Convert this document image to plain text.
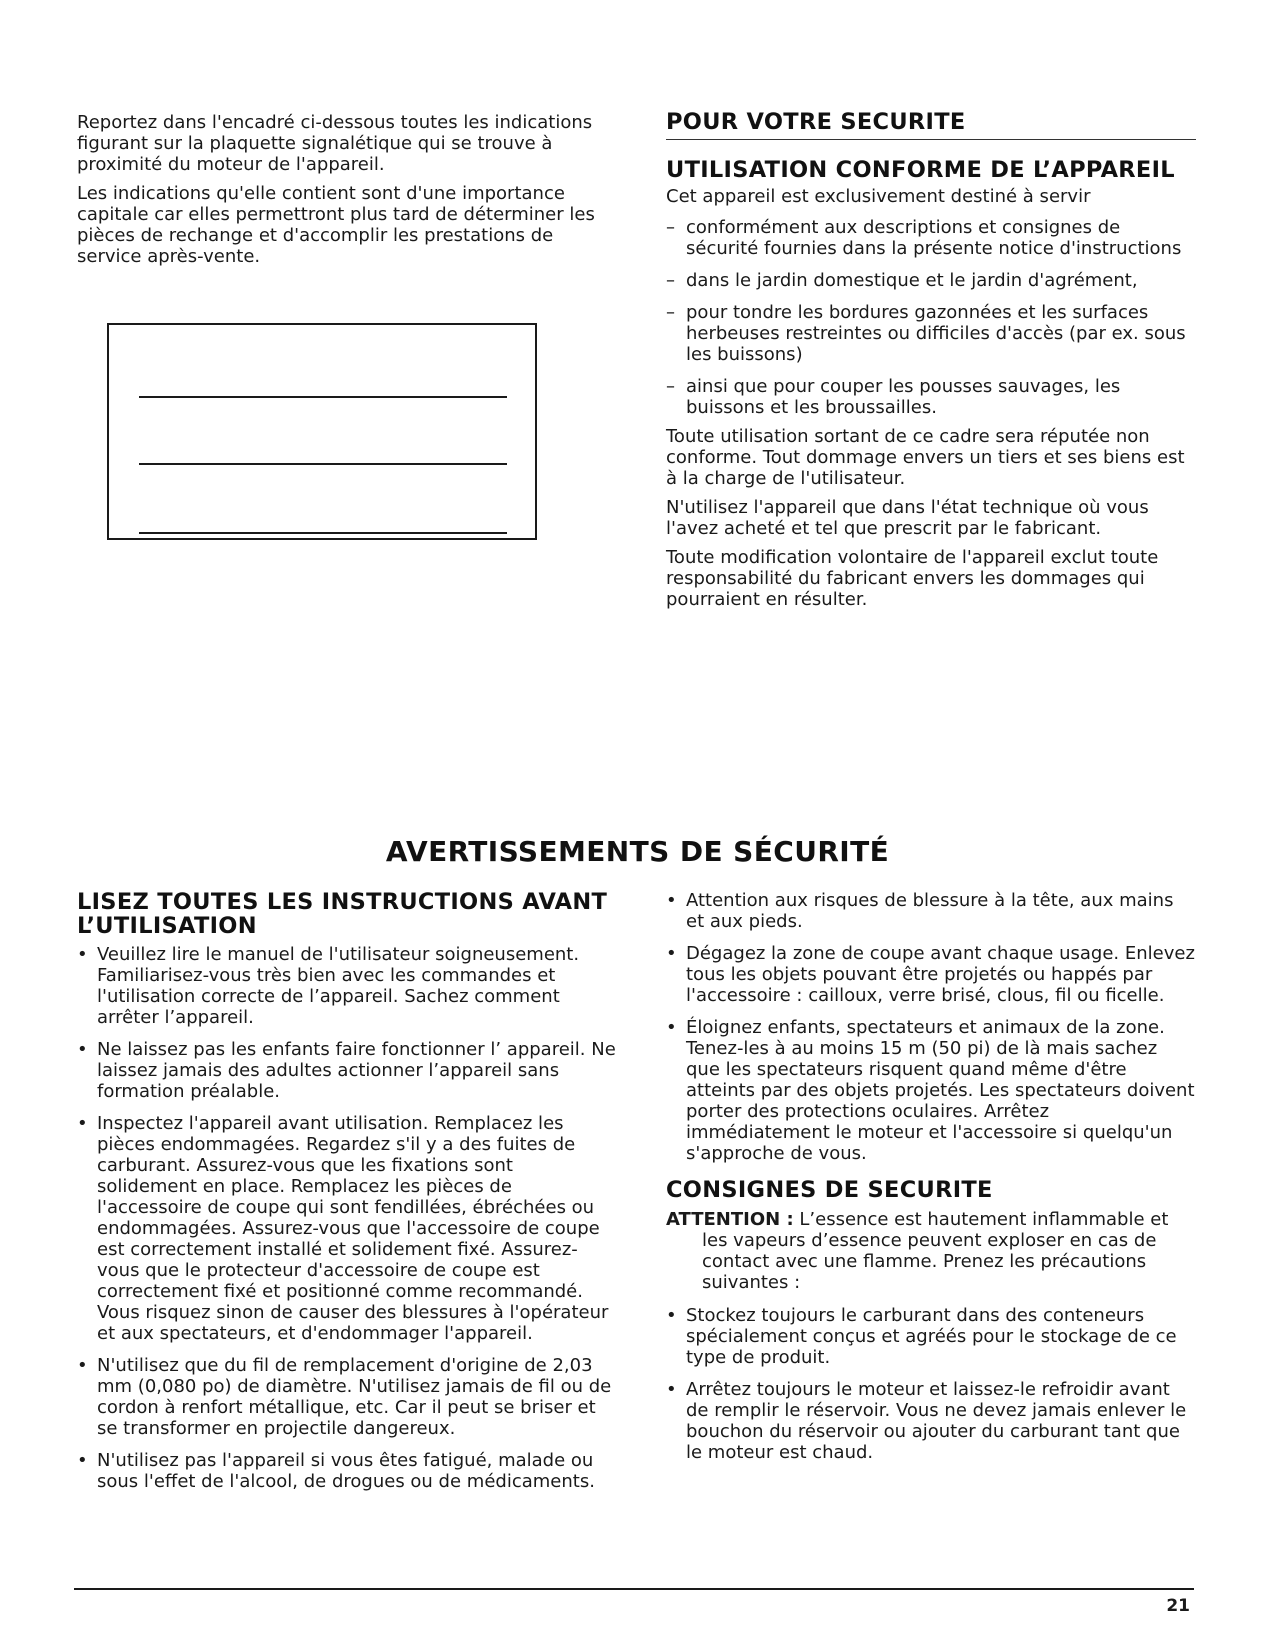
Reportez dans l'encadré ci-dessous toutes les indications figurant sur la plaquette signalétique qui se trouve à proximité du moteur de l'appareil.

Les indications qu'elle contient sont d'une importance capitale car elles permettront plus tard de déterminer les pièces de rechange et d'accomplir les prestations de service après-vente.

POUR VOTRE SECURITE
UTILISATION CONFORME DE L’APPAREIL

Cet appareil est exclusivement destiné à servir

– conformément aux descriptions et consignes de sécurité fournies dans la présente notice d'instructions
– dans le jardin domestique et le jardin d'agrément,
– pour tondre les bordures gazonnées et les surfaces herbeuses restreintes ou difficiles d'accès (par ex. sous les buissons)
– ainsi que pour couper les pousses sauvages, les buissons et les broussailles.

Toute utilisation sortant de ce cadre sera réputée non conforme. Tout dommage envers un tiers et ses biens est à la charge de l'utilisateur.

N'utilisez l'appareil que dans l'état technique où vous l'avez acheté et tel que prescrit par le fabricant.

Toute modification volontaire de l'appareil exclut toute responsabilité du fabricant envers les dommages qui pourraient en résulter.

AVERTISSEMENTS DE SÉCURITÉ
LISEZ TOUTES LES INSTRUCTIONS AVANT L’UTILISATION
• Veuillez lire le manuel de l'utilisateur soigneusement. Familiarisez-vous très bien avec les commandes et l'utilisation correcte de l’appareil. Sachez comment arrêter l’appareil.
• Ne laissez pas les enfants faire fonctionner l’ appareil. Ne laissez jamais des adultes actionner l’appareil sans formation préalable.
• Inspectez l'appareil avant utilisation. Remplacez les pièces endommagées. Regardez s'il y a des fuites de carburant. Assurez-vous que les fixations sont solidement en place. Remplacez les pièces de l'accessoire de coupe qui sont fendillées, ébréchées ou endommagées. Assurez-vous que l'accessoire de coupe est correctement installé et solidement fixé. Assurez-vous que le protecteur d'accessoire de coupe est correctement fixé et positionné comme recommandé. Vous risquez sinon de causer des blessures à l'opérateur et aux spectateurs, et d'endommager l'appareil.
• N'utilisez que du fil de remplacement d'origine de 2,03 mm (0,080 po) de diamètre. N'utilisez jamais de fil ou de cordon à renfort métallique, etc. Car il peut se briser et se transformer en projectile dangereux.
• N'utilisez pas l'appareil si vous êtes fatigué, malade ou sous l'effet de l'alcool, de drogues ou de médicaments.
• Attention aux risques de blessure à la tête, aux mains et aux pieds.
• Dégagez la zone de coupe avant chaque usage. Enlevez tous les objets pouvant être projetés ou happés par l'accessoire : cailloux, verre brisé, clous, fil ou ficelle.
• Éloignez enfants, spectateurs et animaux de la zone. Tenez-les à au moins 15 m (50 pi) de là mais sachez que les spectateurs risquent quand même d'être atteints par des objets projetés. Les spectateurs doivent porter des protections oculaires. Arrêtez immédiatement le moteur et l'accessoire si quelqu'un s'approche de vous.
CONSIGNES DE SECURITE

ATTENTION : L’essence est hautement inflammable et les vapeurs d’essence peuvent exploser en cas de contact avec une flamme. Prenez les précautions suivantes :

• Stockez toujours le carburant dans des conteneurs spécialement conçus et agréés pour le stockage de ce type de produit.
• Arrêtez toujours le moteur et laissez-le refroidir avant de remplir le réservoir. Vous ne devez jamais enlever le bouchon du réservoir ou ajouter du carburant tant que le moteur est chaud.
21
